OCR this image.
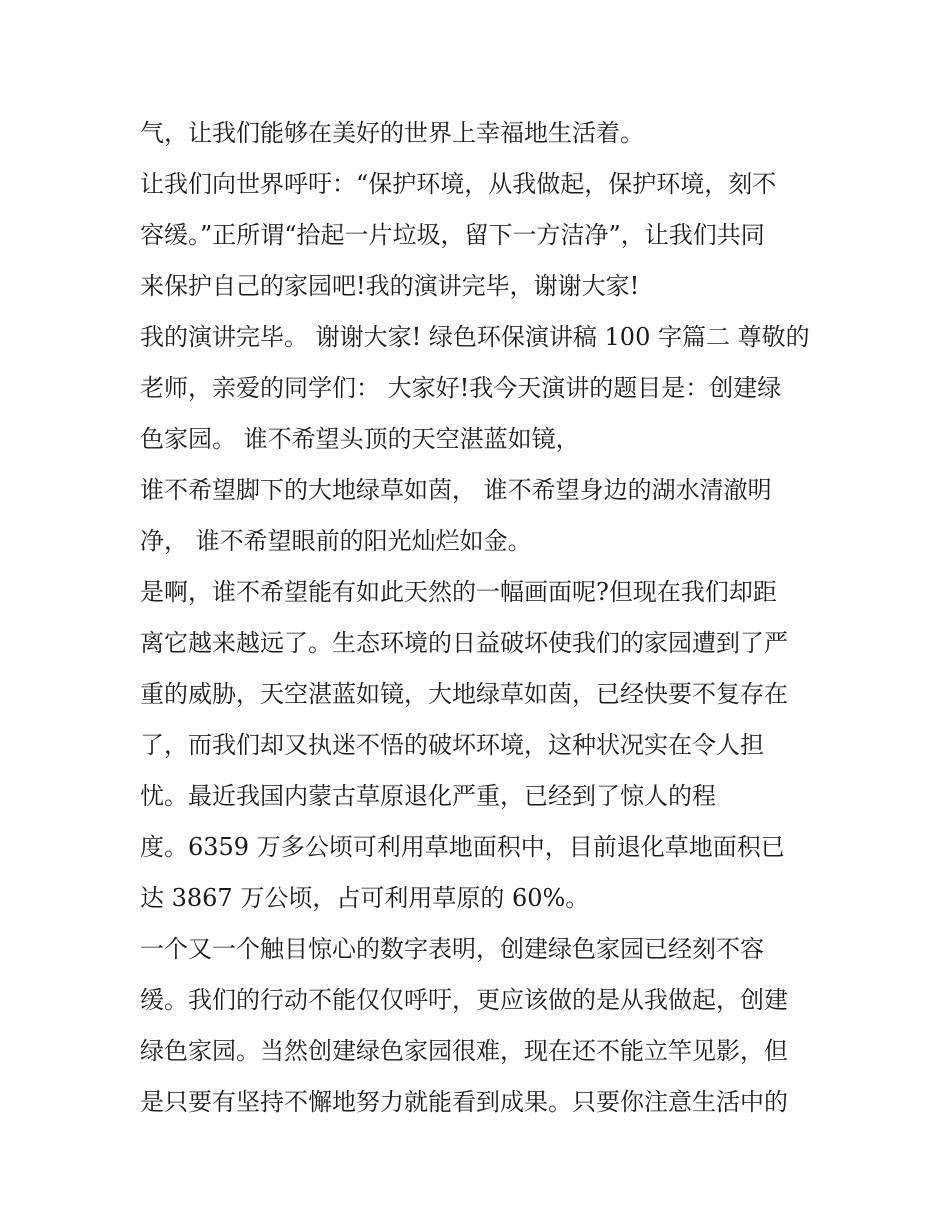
气，让我们能够在美好的世界上幸福地生活着。

让我们向世界呼吁：“保护环境，从我做起，保护环境，刻不

容缓。”正所谓“拾起一片垃圾，留下一方洁净”，让我们共同

来保护自己的家园吧!我的演讲完毕，谢谢大家!

我的演讲完毕。 谢谢大家! 绿色环保演讲稿 100 字篇二 尊敬的

老师，亲爱的同学们： 大家好!我今天演讲的题目是：创建绿

色家园。 谁不希望头顶的天空湛蓝如镜，

谁不希望脚下的大地绿草如茵， 谁不希望身边的湖水清澈明

净， 谁不希望眼前的阳光灿烂如金。

是啊，谁不希望能有如此天然的一幅画面呢?但现在我们却距

离它越来越远了。生态环境的日益破坏使我们的家园遭到了严

重的威胁，天空湛蓝如镜，大地绿草如茵，已经快要不复存在

了，而我们却又执迷不悟的破坏环境，这种状况实在令人担

忧。最近我国内蒙古草原退化严重，已经到了惊人的程

度。6359 万多公顷可利用草地面积中，目前退化草地面积已

达 3867 万公顷，占可利用草原的 60%。

一个又一个触目惊心的数字表明，创建绿色家园已经刻不容

缓。我们的行动不能仅仅呼吁，更应该做的是从我做起，创建

绿色家园。当然创建绿色家园很难，现在还不能立竿见影，但

是只要有坚持不懈地努力就能看到成果。只要你注意生活中的
